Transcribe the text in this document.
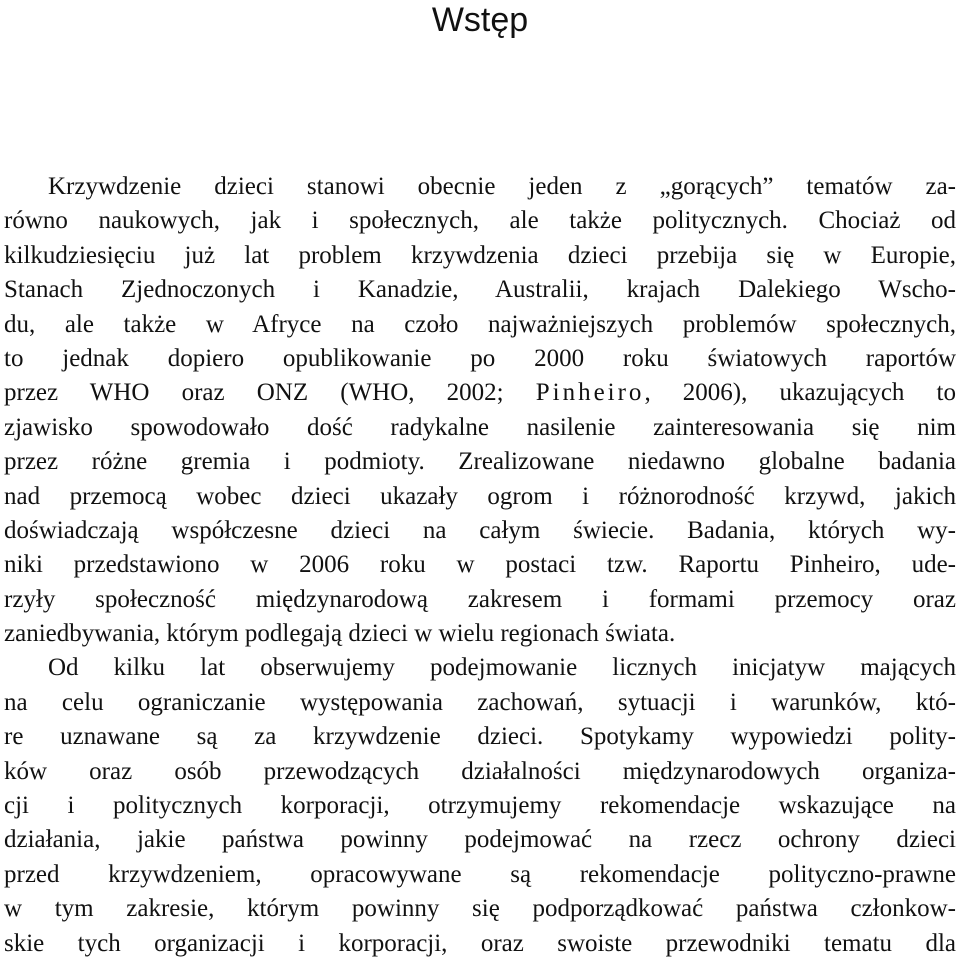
Wstęp
Krzywdzenie dzieci stanowi obecnie jeden z „gorących” tematów za-
równo naukowych, jak i społecznych, ale także politycznych. Chociaż od
kilkudziesięciu już lat problem krzywdzenia dzieci przebija się w Europie,
Stanach Zjednoczonych i Kanadzie, Australii, krajach Dalekiego Wscho-
du, ale także w Afryce na czoło najważniejszych problemów społecznych,
to jednak dopiero opublikowanie po 2000 roku światowych raportów
przez WHO oraz ONZ (WHO, 2002; Pinheiro, 2006), ukazujących to
zjawisko spowodowało dość radykalne nasilenie zainteresowania się nim
przez różne gremia i podmioty. Zrealizowane niedawno globalne badania
nad przemocą wobec dzieci ukazały ogrom i różnorodność krzywd, jakich
doświadczają współczesne dzieci na całym świecie. Badania, których wy-
niki przedstawiono w 2006 roku w postaci tzw. Raportu Pinheiro, ude-
rzyły społeczność międzynarodową zakresem i formami przemocy oraz
zaniedbywania, którym podlegają dzieci w wielu regionach świata.
Od kilku lat obserwujemy podejmowanie licznych inicjatyw mających
na celu ograniczanie występowania zachowań, sytuacji i warunków, któ-
re uznawane są za krzywdzenie dzieci. Spotykamy wypowiedzi polity-
ków oraz osób przewodzących działalności międzynarodowych organiza-
cji i politycznych korporacji, otrzymujemy rekomendacje wskazujące na
działania, jakie państwa powinny podejmować na rzecz ochrony dzieci
przed krzywdzeniem, opracowywane są rekomendacje polityczno-prawne
w tym zakresie, którym powinny się podporządkować państwa członkow-
skie tych organizacji i korporacji, oraz swoiste przewodniki tematu dla
